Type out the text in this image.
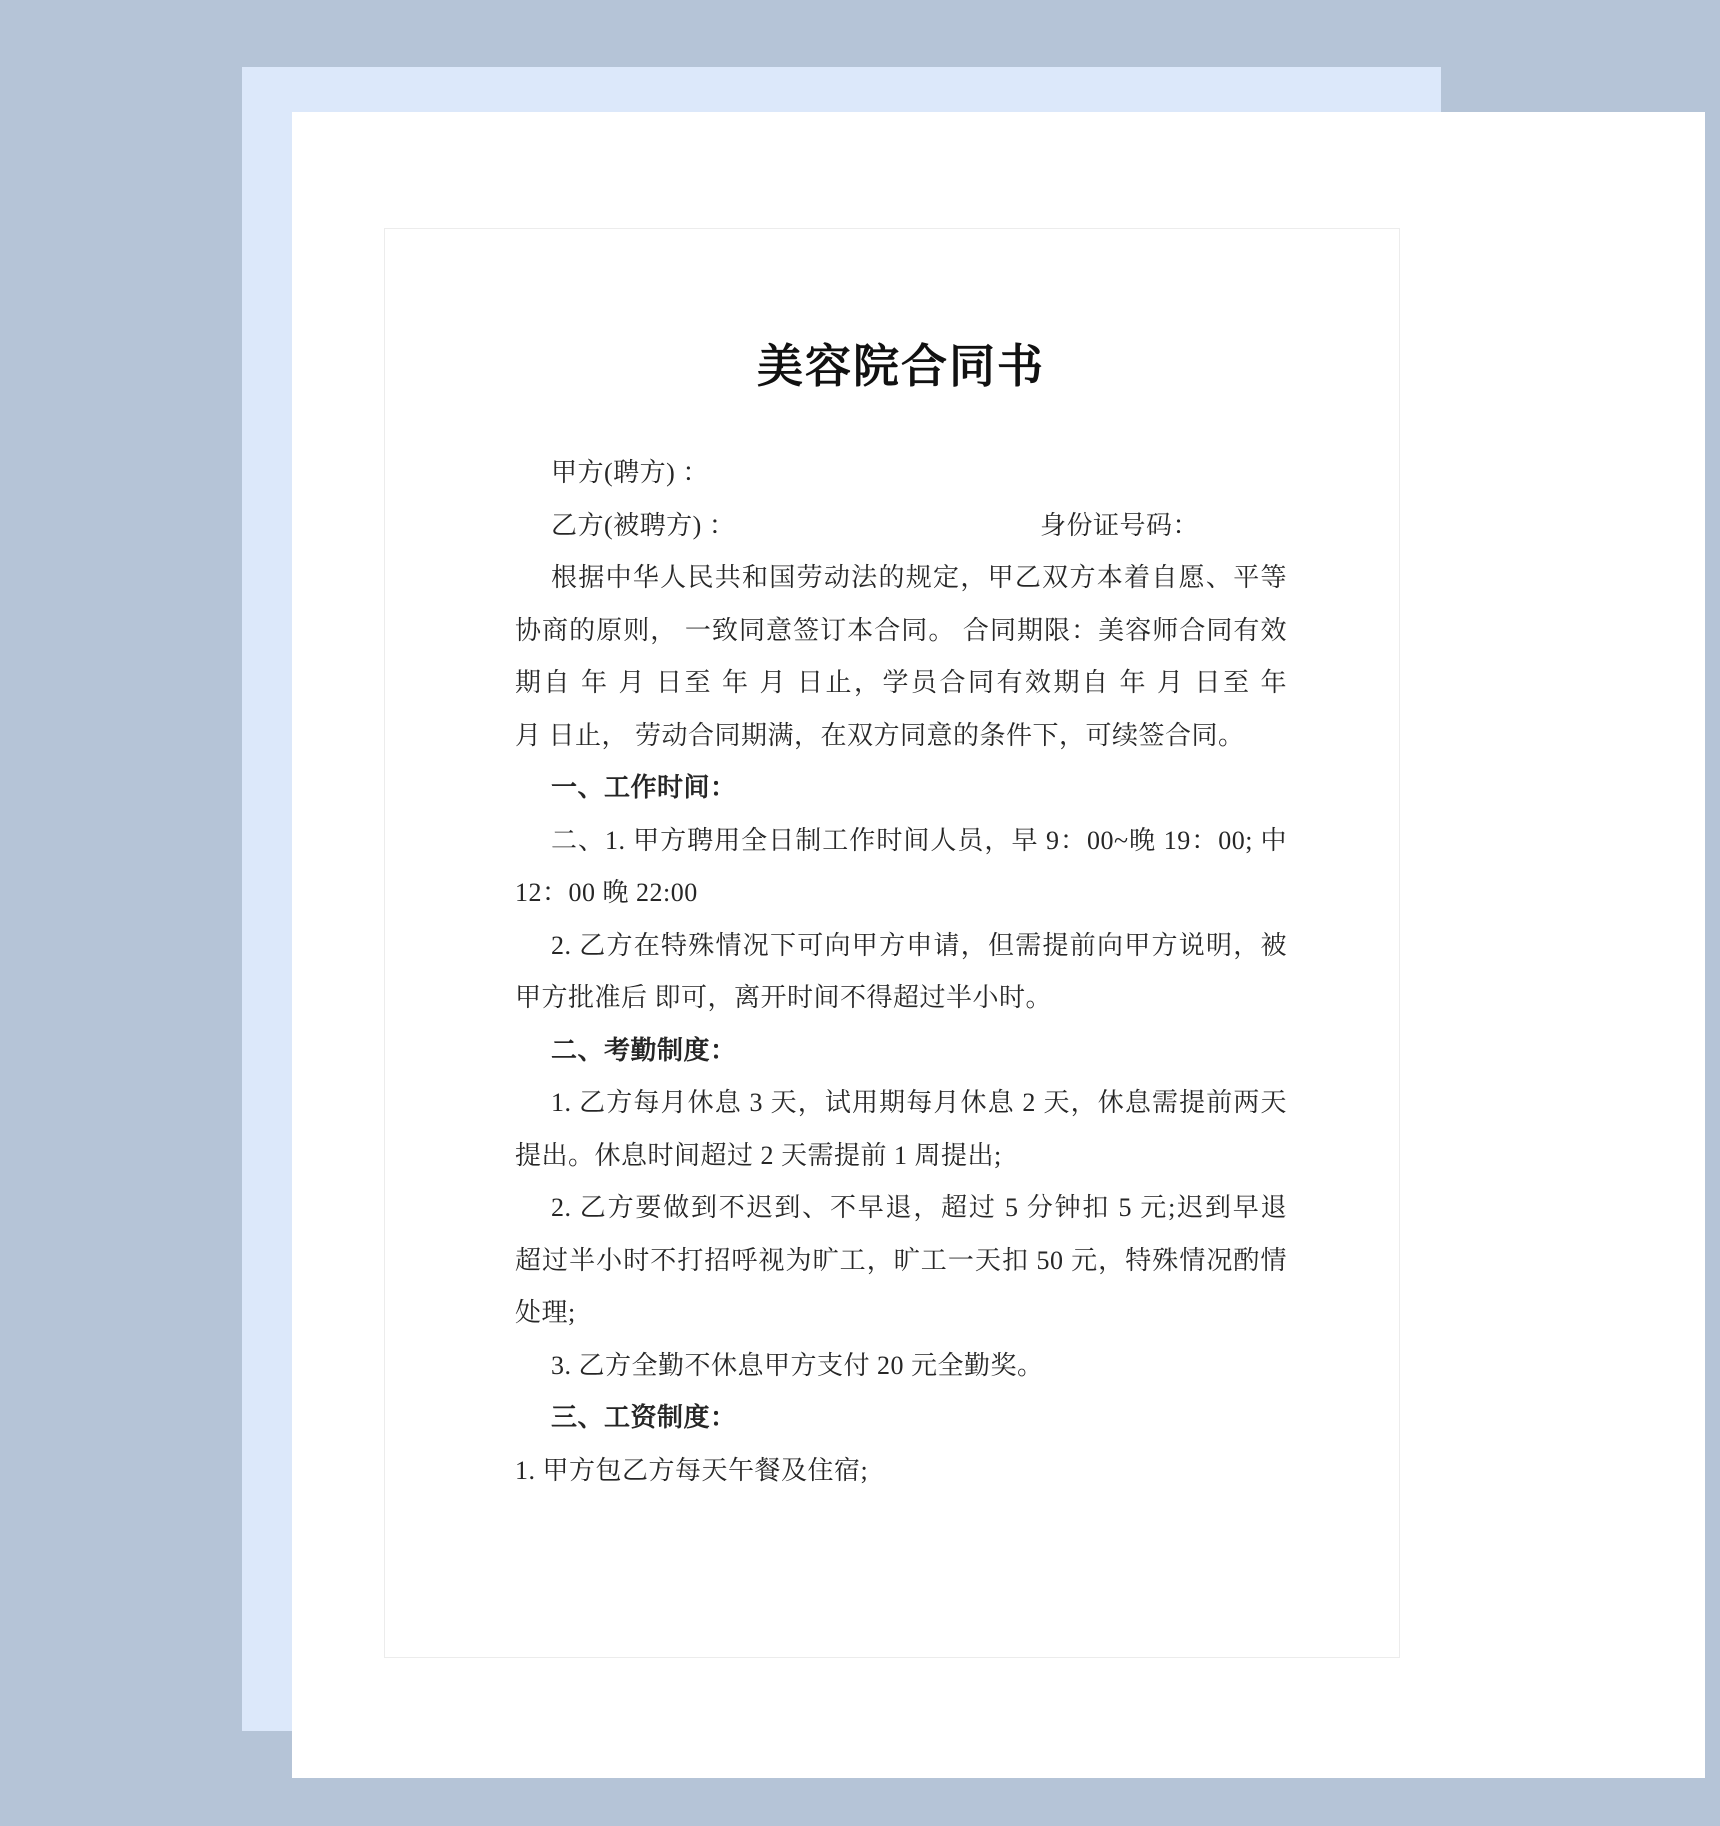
美容院合同书
甲方(聘方) ：
乙方(被聘方) ：	身份证号码：
根据中华人民共和国劳动法的规定，甲乙双方本着自愿、平等
协商的原则， 一致同意签订本合同。 合同期限：美容师合同有效
期自 年 月 日至 年 月 日止，学员合同有效期自 年 月 日至 年
月 日止， 劳动合同期满，在双方同意的条件下，可续签合同。
一、工作时间：
二、1. 甲方聘用全日制工作时间人员，早 9：00~晚 19：00; 中
12：00 晚 22:00
2. 乙方在特殊情况下可向甲方申请，但需提前向甲方说明，被
甲方批准后 即可，离开时间不得超过半小时。
二、考勤制度：
1. 乙方每月休息 3 天，试用期每月休息 2 天，休息需提前两天
提出。休息时间超过 2 天需提前 1 周提出;
2. 乙方要做到不迟到、不早退，超过 5 分钟扣 5 元;迟到早退
超过半小时不打招呼视为旷工，旷工一天扣 50 元，特殊情况酌情
处理;
3. 乙方全勤不休息甲方支付 20 元全勤奖。
三、工资制度：
1. 甲方包乙方每天午餐及住宿;
